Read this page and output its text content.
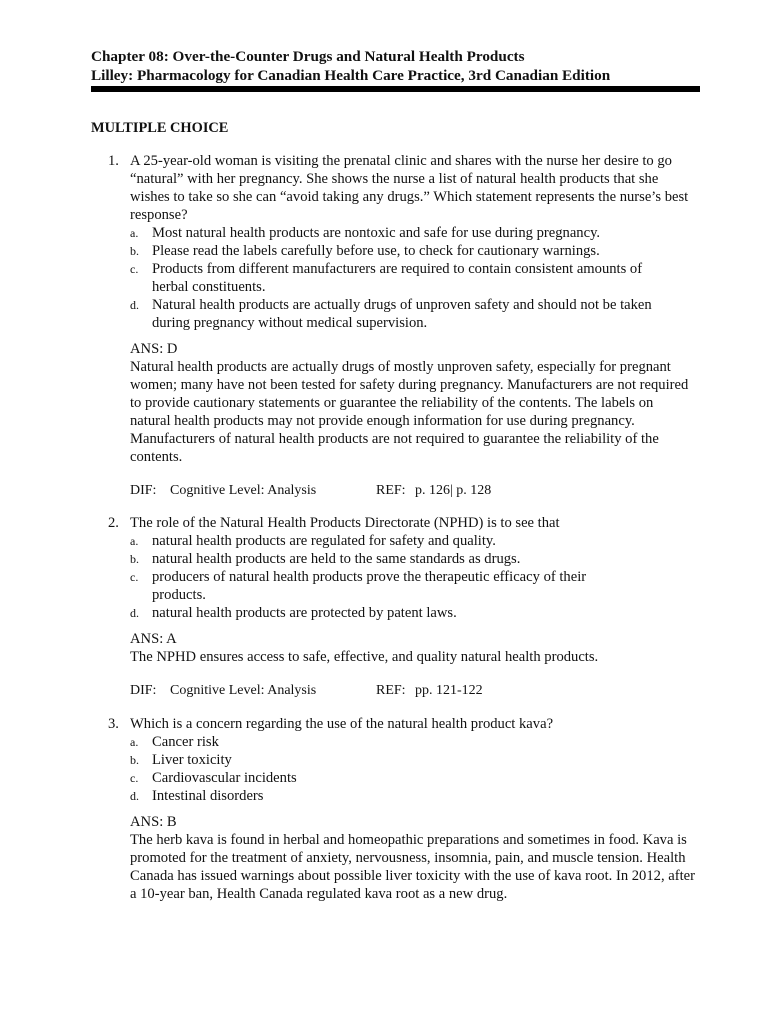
Chapter 08: Over-the-Counter Drugs and Natural Health Products
Lilley: Pharmacology for Canadian Health Care Practice, 3rd Canadian Edition
MULTIPLE CHOICE
1. A 25-year-old woman is visiting the prenatal clinic and shares with the nurse her desire to go “natural” with her pregnancy. She shows the nurse a list of natural health products that she wishes to take so she can “avoid taking any drugs.” Which statement represents the nurse’s best response?
a. Most natural health products are nontoxic and safe for use during pregnancy.
b. Please read the labels carefully before use, to check for cautionary warnings.
c. Products from different manufacturers are required to contain consistent amounts of herbal constituents.
d. Natural health products are actually drugs of unproven safety and should not be taken during pregnancy without medical supervision.
ANS: D
Natural health products are actually drugs of mostly unproven safety, especially for pregnant women; many have not been tested for safety during pregnancy. Manufacturers are not required to provide cautionary statements or guarantee the reliability of the contents. The labels on natural health products may not provide enough information for use during pregnancy. Manufacturers of natural health products are not required to guarantee the reliability of the contents.
DIF: Cognitive Level: Analysis	REF: p. 126| p. 128
2. The role of the Natural Health Products Directorate (NPHD) is to see that
a. natural health products are regulated for safety and quality.
b. natural health products are held to the same standards as drugs.
c. producers of natural health products prove the therapeutic efficacy of their products.
d. natural health products are protected by patent laws.
ANS: A
The NPHD ensures access to safe, effective, and quality natural health products.
DIF: Cognitive Level: Analysis	REF: pp. 121-122
3. Which is a concern regarding the use of the natural health product kava?
a. Cancer risk
b. Liver toxicity
c. Cardiovascular incidents
d. Intestinal disorders
ANS: B
The herb kava is found in herbal and homeopathic preparations and sometimes in food. Kava is promoted for the treatment of anxiety, nervousness, insomnia, pain, and muscle tension. Health Canada has issued warnings about possible liver toxicity with the use of kava root. In 2012, after a 10-year ban, Health Canada regulated kava root as a new drug.
